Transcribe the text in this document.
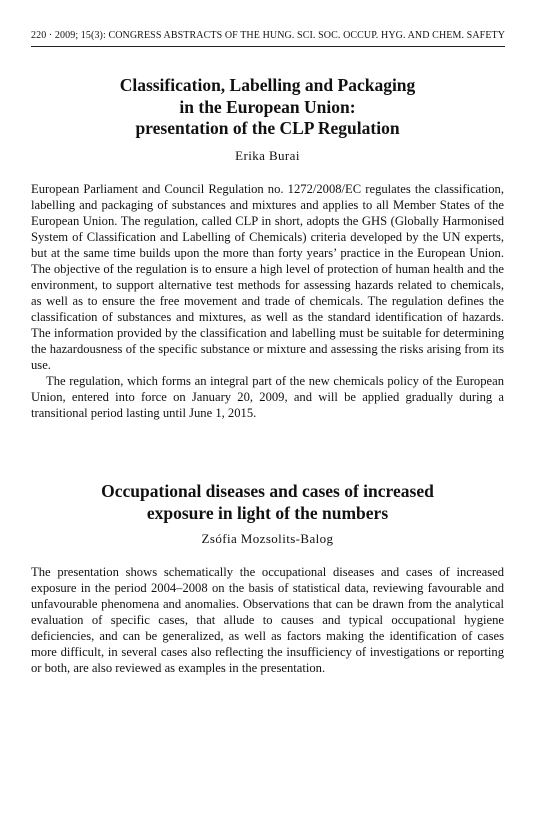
220 · 2009; 15(3): CONGRESS ABSTRACTS OF THE HUNG. SCI. SOC. OCCUP. HYG. AND CHEM. SAFETY
Classification, Labelling and Packaging
in the European Union:
presentation of the CLP Regulation
Erika Burai

European Parliament and Council Regulation no. 1272/2008/EC regulates the classification, labelling and packaging of substances and mixtures and applies to all Member States of the European Union. The regulation, called CLP in short, adopts the GHS (Globally Harmonised System of Classification and Labelling of Chemicals) criteria developed by the UN experts, but at the same time builds upon the more than forty years’ practice in the European Union. The objective of the regulation is to ensure a high level of protection of human health and the environment, to support alternative test methods for assessing hazards related to chemicals, as well as to ensure the free movement and trade of chemicals. The regulation defines the classification of substances and mixtures, as well as the standard identification of hazards. The information provided by the classification and labelling must be suitable for determining the hazardousness of the specific substance or mixture and assessing the risks arising from its use.

The regulation, which forms an integral part of the new chemicals policy of the European Union, entered into force on January 20, 2009, and will be applied gradually during a transitional period lasting until June 1, 2015.

Occupational diseases and cases of increased
exposure in light of the numbers
Zsófia Mozsolits-Balog

The presentation shows schematically the occupational diseases and cases of increased exposure in the period 2004–2008 on the basis of statistical data, reviewing favourable and unfavourable phenomena and anomalies. Observations that can be drawn from the analytical evaluation of specific cases, that allude to causes and typical occupational hygiene deficiencies, and can be generalized, as well as factors making the identification of cases more difficult, in several cases also reflecting the insufficiency of investigations or reporting or both, are also reviewed as examples in the presentation.
